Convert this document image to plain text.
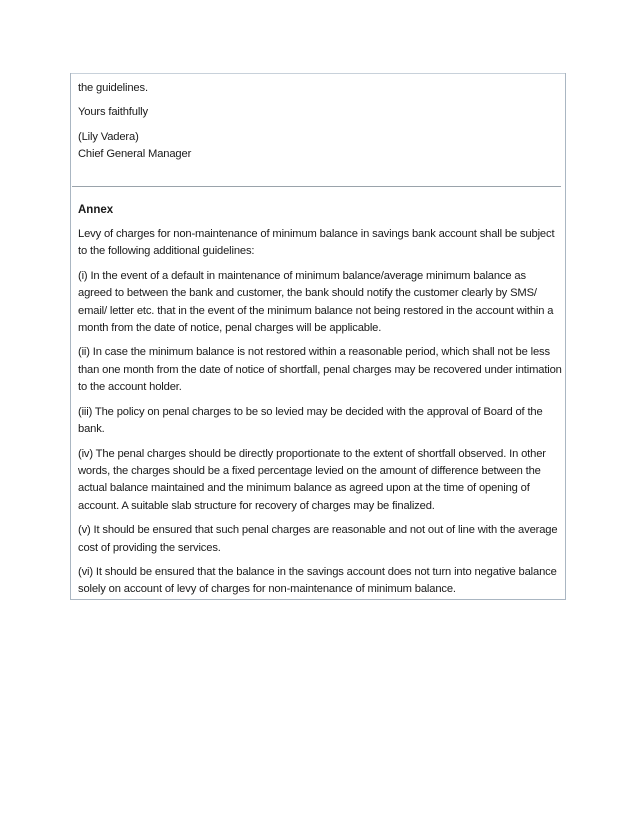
the guidelines.

Yours faithfully

(Lily Vadera)
Chief General Manager

Annex

Levy of charges for non-maintenance of minimum balance in savings bank account shall be subject to the following additional guidelines:

(i) In the event of a default in maintenance of minimum balance/average minimum balance as agreed to between the bank and customer, the bank should notify the customer clearly by SMS/ email/ letter etc. that in the event of the minimum balance not being restored in the account within a month from the date of notice, penal charges will be applicable.

(ii) In case the minimum balance is not restored within a reasonable period, which shall not be less than one month from the date of notice of shortfall, penal charges may be recovered under intimation to the account holder.

(iii) The policy on penal charges to be so levied may be decided with the approval of Board of the bank.

(iv) The penal charges should be directly proportionate to the extent of shortfall observed. In other words, the charges should be a fixed percentage levied on the amount of difference between the actual balance maintained and the minimum balance as agreed upon at the time of opening of account. A suitable slab structure for recovery of charges may be finalized.

(v) It should be ensured that such penal charges are reasonable and not out of line with the average cost of providing the services.

(vi) It should be ensured that the balance in the savings account does not turn into negative balance solely on account of levy of charges for non-maintenance of minimum balance.
